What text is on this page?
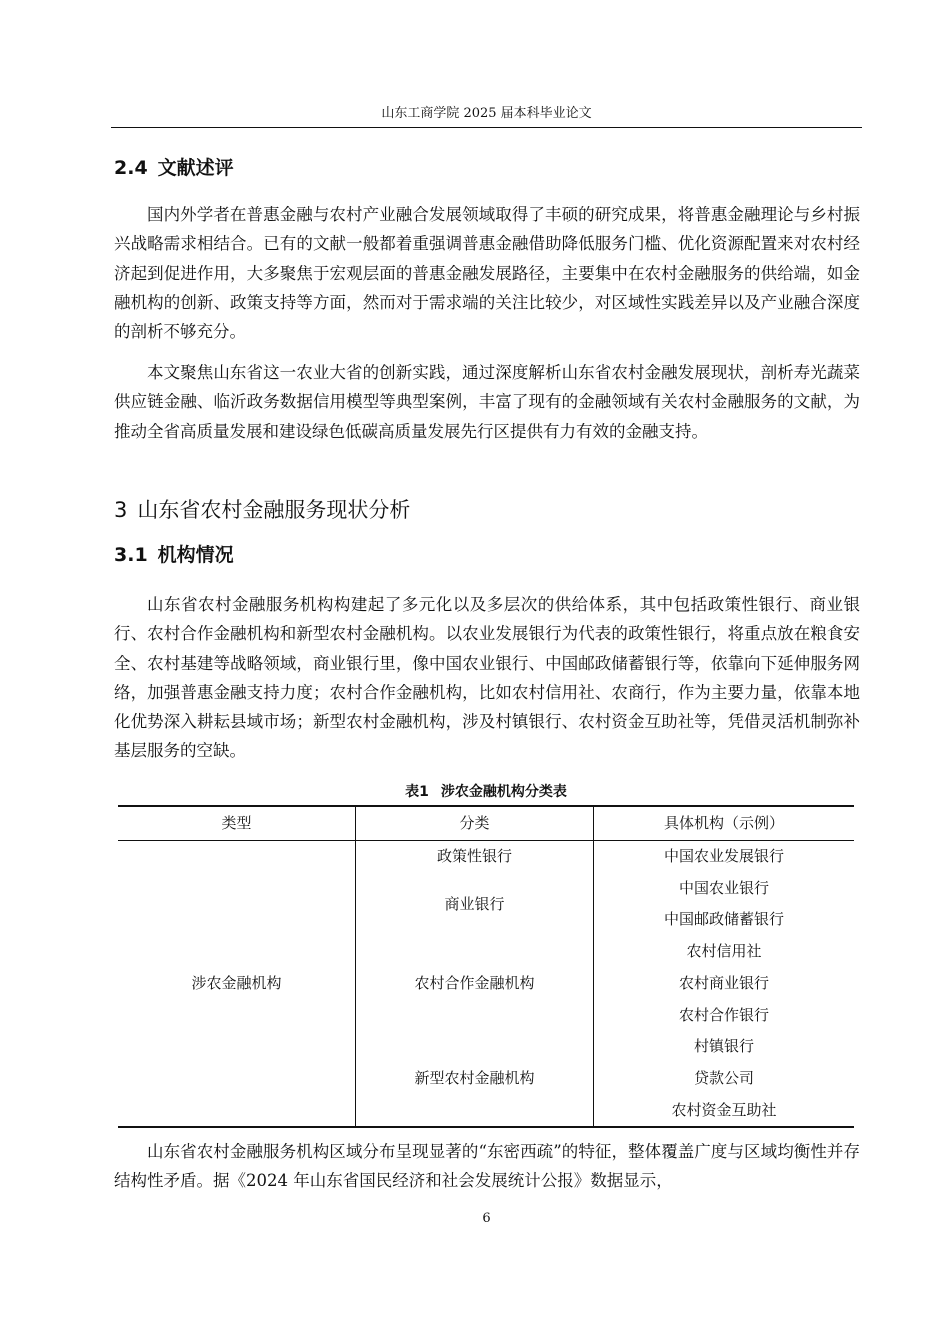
山东工商学院 2025 届本科毕业论文
2.4 文献述评

国内外学者在普惠金融与农村产业融合发展领域取得了丰硕的研究成果，将普惠金融理论与乡村振兴战略需求相结合。已有的文献一般都着重强调普惠金融借助降低服务门槛、优化资源配置来对农村经济起到促进作用，大多聚焦于宏观层面的普惠金融发展路径，主要集中在农村金融服务的供给端，如金融机构的创新、政策支持等方面，然而对于需求端的关注比较少，对区域性实践差异以及产业融合深度的剖析不够充分。

本文聚焦山东省这一农业大省的创新实践，通过深度解析山东省农村金融发展现状，剖析寿光蔬菜供应链金融、临沂政务数据信用模型等典型案例，丰富了现有的金融领域有关农村金融服务的文献，为推动全省高质量发展和建设绿色低碳高质量发展先行区提供有力有效的金融支持。

3 山东省农村金融服务现状分析
3.1 机构情况

山东省农村金融服务机构构建起了多元化以及多层次的供给体系，其中包括政策性银行、商业银行、农村合作金融机构和新型农村金融机构。以农业发展银行为代表的政策性银行，将重点放在粮食安全、农村基建等战略领域，商业银行里，像中国农业银行、中国邮政储蓄银行等，依靠向下延伸服务网络，加强普惠金融支持力度；农村合作金融机构，比如农村信用社、农商行，作为主要力量，依靠本地化优势深入耕耘县域市场；新型农村金融机构，涉及村镇银行、农村资金互助社等，凭借灵活机制弥补基层服务的空缺。

表1 涉农金融机构分类表
类型	分类	具体机构（示例）
涉农金融机构	政策性银行	中国农业发展银行
	商业银行	中国农业银行
		中国邮政储蓄银行
	农村合作金融机构	农村信用社
		农村商业银行
		农村合作银行
	新型农村金融机构	村镇银行
		贷款公司
		农村资金互助社

山东省农村金融服务机构区域分布呈现显著的“东密西疏”的特征，整体覆盖广度与区域均衡性并存结构性矛盾。据《2024 年山东省国民经济和社会发展统计公报》数据显示，

6
